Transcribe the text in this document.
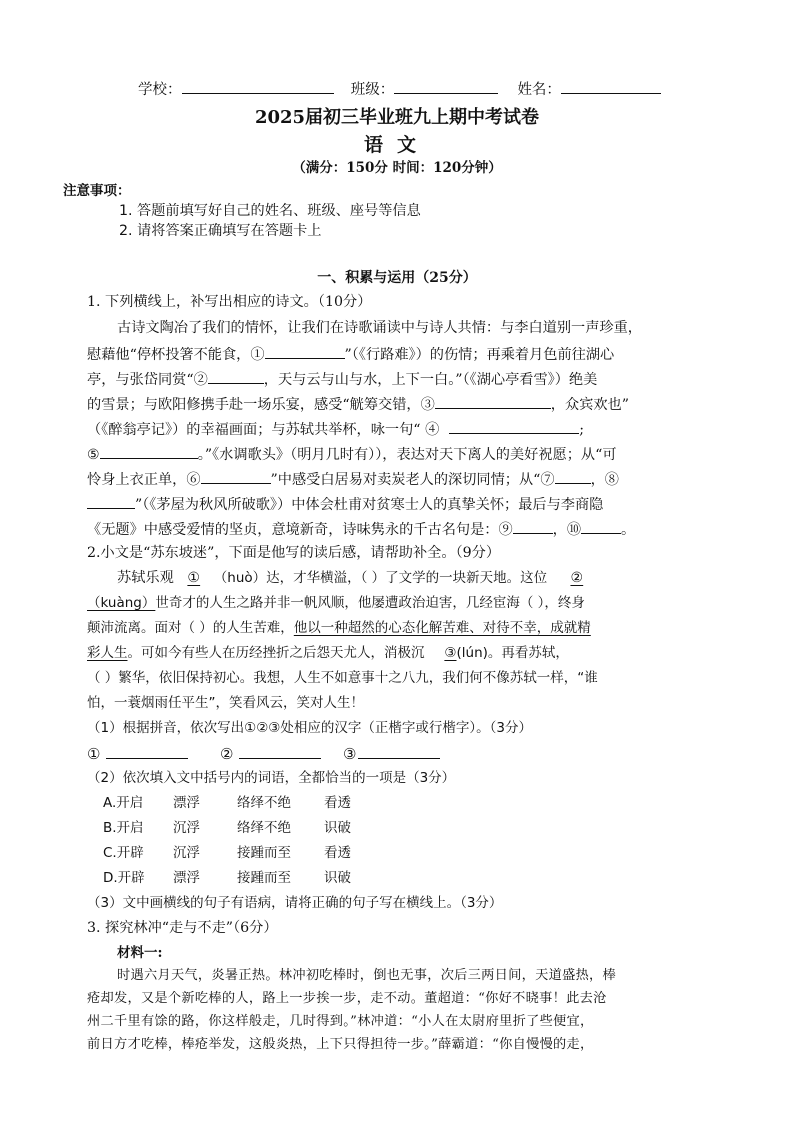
学校：	班级：	姓名：
2025届初三毕业班九上期中考试卷
语文
（满分：150分 时间：120分钟）
注意事项：
1. 答题前填写好自己的姓名、班级、座号等信息
2. 请将答案正确填写在答题卡上
一、积累与运用（25分）
1. 下列横线上，补写出相应的诗文。（10分）
古诗文陶冶了我们的情怀，让我们在诗歌诵读中与诗人共情：与李白道别一声珍重，
慰藉他“停杯投箸不能食，①	”（《行路难》）的伤情；再乘着月色前往湖心
亭，与张岱同赏“②	，天与云与山与水，上下一白。”（《湖心亭看雪》）绝美
的雪景；与欧阳修携手赴一场乐宴，感受“觥筹交错，③	，众宾欢也”
（《醉翁亭记》）的幸福画面；与苏轼共举杯，咏一句“ ④	;
⑤	。”《水调歌头》（明月几时有）），表达对天下离人的美好祝愿；从“可
怜身上衣正单，⑥	”中感受白居易对卖炭老人的深切同情；从“⑦	，⑧
”（《茅屋为秋风所破歌》）中体会杜甫对贫寒士人的真挚关怀；最后与李商隐
《无题》中感受爱情的坚贞，意境新奇，诗味隽永的千古名句是：⑨	，⑩	。
2.小文是“苏东坡迷”，下面是他写的读后感，请帮助补全。（9分）
苏轼乐观 ① （huò）达，才华横溢，（ ）了文学的一块新天地。这位 ②
（kuàng）世奇才的人生之路并非一帆风顺，他屡遭政治迫害，几经宦海（ ），终身
颠沛流离。面对（ ）的人生苦难，他以一种超然的心态化解苦难、对待不幸，成就精
彩人生。可如今有些人在历经挫折之后怨天尤人，消极沉 ③(lún)。再看苏轼，
（ ）繁华，依旧保持初心。我想，人生不如意事十之八九，我们何不像苏轼一样，“谁
怕，一蓑烟雨任平生”，笑看风云，笑对人生！
（1）根据拼音，依次写出①②③处相应的汉字（正楷字或行楷字）。（3分）
①	②	③
（2）依次填入文中括号内的词语，全都恰当的一项是（3分）
A.开启 漂浮	络绎不绝 看透
B.开启 沉浮	络绎不绝 识破
C.开辟 沉浮	接踵而至 看透
D.开辟 漂浮	接踵而至 识破
（3）文中画横线的句子有语病，请将正确的句子写在横线上。（3分）
3. 探究林冲“走与不走”（6分）
材料一:
时遇六月天气，炎暑正热。林冲初吃棒时，倒也无事，次后三两日间，天道盛热，棒
疮却发，又是个新吃棒的人，路上一步挨一步，走不动。董超道：“你好不晓事！此去沧
州二千里有馀的路，你这样般走，几时得到。”林冲道：“小人在太尉府里折了些便宜，
前日方才吃棒，棒疮举发，这般炎热，上下只得担待一步。”薛霸道：“你自慢慢的走，
